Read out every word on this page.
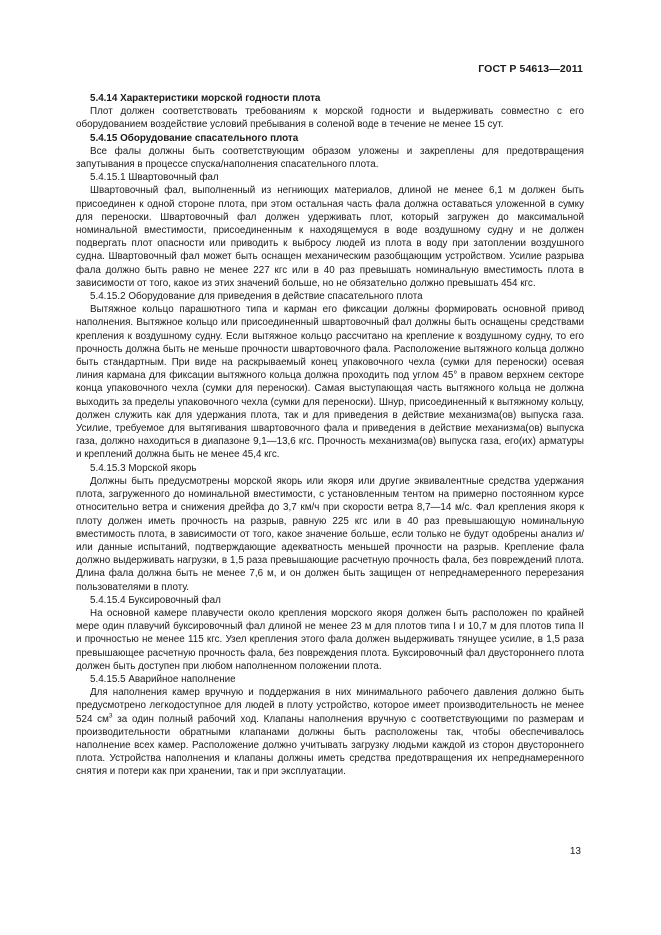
ГОСТ Р 54613—2011

5.4.14 Характеристики морской годности плота

Плот должен соответствовать требованиям к морской годности и выдерживать совместно с его оборудованием воздействие условий пребывания в соленой воде в течение не менее 15 сут.

5.4.15 Оборудование спасательного плота

Все фалы должны быть соответствующим образом уложены и закреплены для предотвращения запутывания в процессе спуска/наполнения спасательного плота.

5.4.15.1 Швартовочный фал

Швартовочный фал, выполненный из негниющих материалов, длиной не менее 6,1 м должен быть присоединен к одной стороне плота, при этом остальная часть фала должна оставаться уложенной в сумку для переноски. Швартовочный фал должен удерживать плот, который загружен до максимальной номинальной вместимости, присоединенным к находящемуся в воде воздушному судну и не должен подвергать плот опасности или приводить к выбросу людей из плота в воду при затоплении воздушного судна. Швартовочный фал может быть оснащен механическим разобщающим устройством. Усилие разрыва фала должно быть равно не менее 227 кгс или в 40 раз превышать номинальную вместимость плота в зависимости от того, какое из этих значений больше, но не обязательно должно превышать 454 кгс.

5.4.15.2 Оборудование для приведения в действие спасательного плота

Вытяжное кольцо парашютного типа и карман его фиксации должны формировать основной привод наполнения. Вытяжное кольцо или присоединенный швартовочный фал должны быть оснащены средствами крепления к воздушному судну. Если вытяжное кольцо рассчитано на крепление к воздушному судну, то его прочность должна быть не меньше прочности швартовочного фала. Расположение вытяжного кольца должно быть стандартным. При виде на раскрываемый конец упаковочного чехла (сумки для переноски) осевая линия кармана для фиксации вытяжного кольца должна проходить под углом 45° в правом верхнем секторе конца упаковочного чехла (сумки для переноски). Самая выступающая часть вытяжного кольца не должна выходить за пределы упаковочного чехла (сумки для переноски). Шнур, присоединенный к вытяжному кольцу, должен служить как для удержания плота, так и для приведения в действие механизма(ов) выпуска газа. Усилие, требуемое для вытягивания швартовочного фала и приведения в действие механизма(ов) выпуска газа, должно находиться в диапазоне 9,1—13,6 кгс. Прочность механизма(ов) выпуска газа, его(их) арматуры и креплений должна быть не менее 45,4 кгс.

5.4.15.3 Морской якорь

Должны быть предусмотрены морской якорь или якоря или другие эквивалентные средства удержания плота, загруженного до номинальной вместимости, с установленным тентом на примерно постоянном курсе относительно ветра и снижения дрейфа до 3,7 км/ч при скорости ветра 8,7—14 м/с. Фал крепления якоря к плоту должен иметь прочность на разрыв, равную 225 кгс или в 40 раз превышающую номинальную вместимость плота, в зависимости от того, какое значение больше, если только не будут одобрены анализ и/или данные испытаний, подтверждающие адекватность меньшей прочности на разрыв. Крепление фала должно выдерживать нагрузки, в 1,5 раза превышающие расчетную прочность фала, без повреждений плота. Длина фала должна быть не менее 7,6 м, и он должен быть защищен от непреднамеренного перерезания пользователями в плоту.

5.4.15.4 Буксировочный фал

На основной камере плавучести около крепления морского якоря должен быть расположен по крайней мере один плавучий буксировочный фал длиной не менее 23 м для плотов типа I и 10,7 м для плотов типа II и прочностью не менее 115 кгс. Узел крепления этого фала должен выдерживать тянущее усилие, в 1,5 раза превышающее расчетную прочность фала, без повреждения плота. Буксировочный фал двустороннего плота должен быть доступен при любом наполненном положении плота.

5.4.15.5 Аварийное наполнение

Для наполнения камер вручную и поддержания в них минимального рабочего давления должно быть предусмотрено легкодоступное для людей в плоту устройство, которое имеет производительность не менее 524 $см^3$ за один полный рабочий ход. Клапаны наполнения вручную с соответствующими по размерам и производительности обратными клапанами должны быть расположены так, чтобы обеспечивалось наполнение всех камер. Расположение должно учитывать загрузку людьми каждой из сторон двустороннего плота. Устройства наполнения и клапаны должны иметь средства предотвращения их непреднамеренного снятия и потери как при хранении, так и при эксплуатации.

13
